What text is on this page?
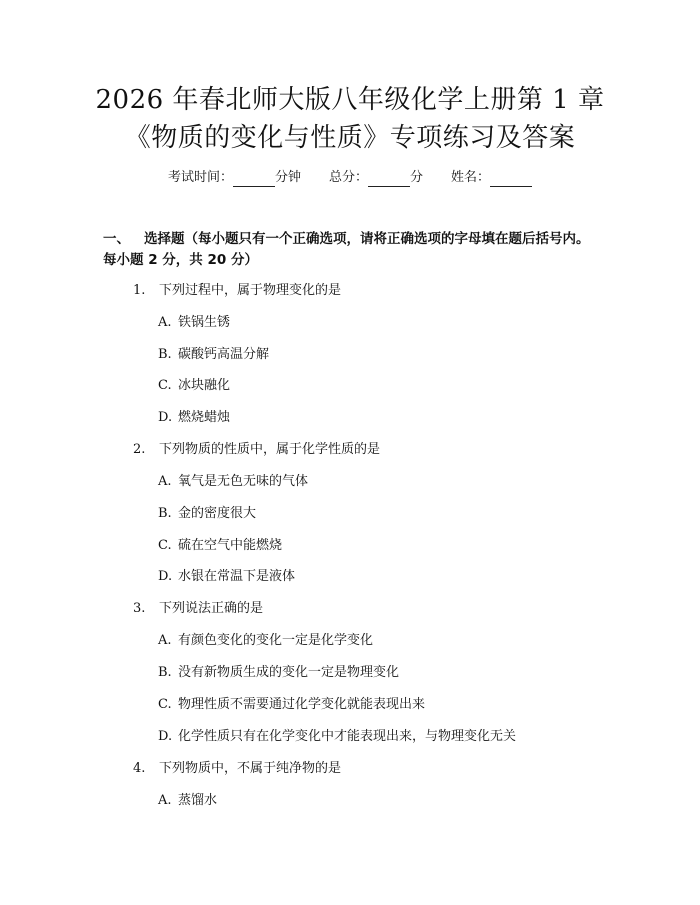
2026 年春北师大版八年级化学上册第 1 章
《物质的变化与性质》专项练习及答案
考试时间：	分钟 总分：	分 姓名：
一、 选择题（每小题只有一个正确选项，请将正确选项的字母填在题后括号内。
每小题 2 分，共 20 分）
1. 下列过程中，属于物理变化的是
A. 铁锅生锈
B. 碳酸钙高温分解
C. 冰块融化
D. 燃烧蜡烛
2. 下列物质的性质中，属于化学性质的是
A. 氧气是无色无味的气体
B. 金的密度很大
C. 硫在空气中能燃烧
D. 水银在常温下是液体
3. 下列说法正确的是
A. 有颜色变化的变化一定是化学变化
B. 没有新物质生成的变化一定是物理变化
C. 物理性质不需要通过化学变化就能表现出来
D. 化学性质只有在化学变化中才能表现出来，与物理变化无关
4. 下列物质中，不属于纯净物的是
A. 蒸馏水
